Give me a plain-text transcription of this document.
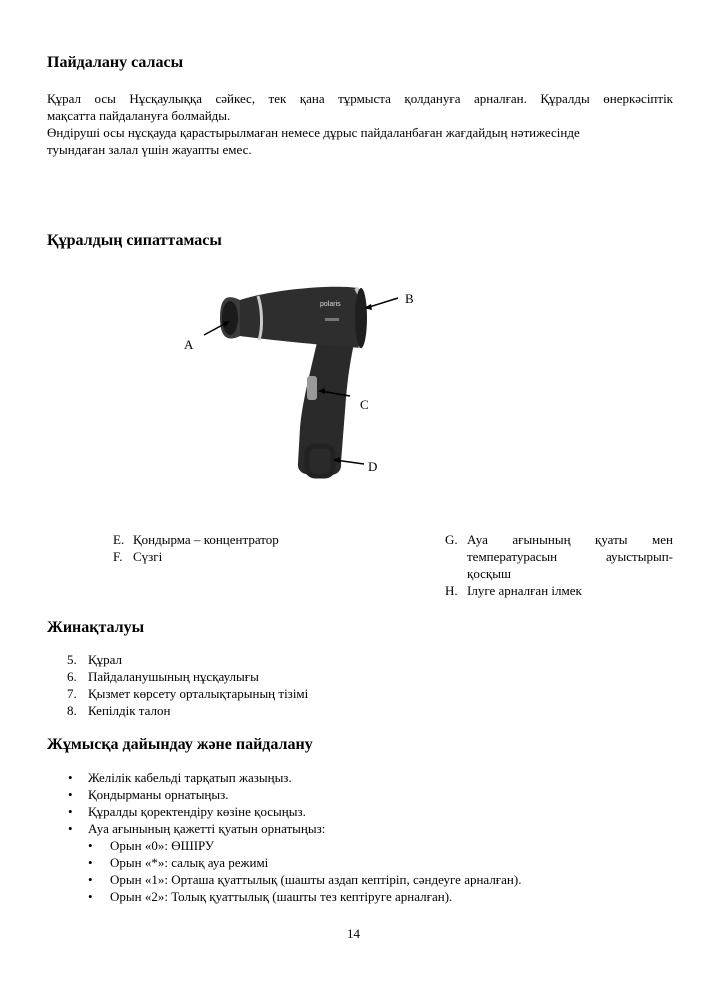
Пайдалану саласы
Құрал осы Нұсқаулыққа сәйкес, тек қана тұрмыста қолдануға арналған. Құралды өнеркәсіптік
мақсатта пайдалануға болмайды.
Өндіруші осы нұсқауда қарастырылмаған немесе дұрыс пайдаланбаған жағдайдың нәтижесінде
туындаған залал үшін жауапты емес.
Құралдың сипаттамасы
polaris
A
B
C
D
E. Қондырма – концентратор
F. Сүзгі
G. Ауа ағынының қуаты мен
температурасын ауыстырып-
қосқыш
H. Ілуге арналған ілмек
Жинақталуы
5. Құрал
6. Пайдаланушының нұсқаулығы
7. Қызмет көрсету орталықтарының тізімі
8. Кепілдік талон
Жұмысқа дайындау және пайдалану
• Желілік кабельді тарқатып жазыңыз.
• Қондырманы орнатыңыз.
• Құралды қоректендіру көзіне қосыңыз.
• Ауа ағынының қажетті қуатын орнатыңыз:
• Орын «0»: ӨШІРУ
• Орын «*»: салық ауа режимі
• Орын «1»: Орташа қуаттылық (шашты аздап кептіріп, сәндеуге арналған).
• Орын «2»: Толық қуаттылық (шашты тез кептіруге арналған).
14
